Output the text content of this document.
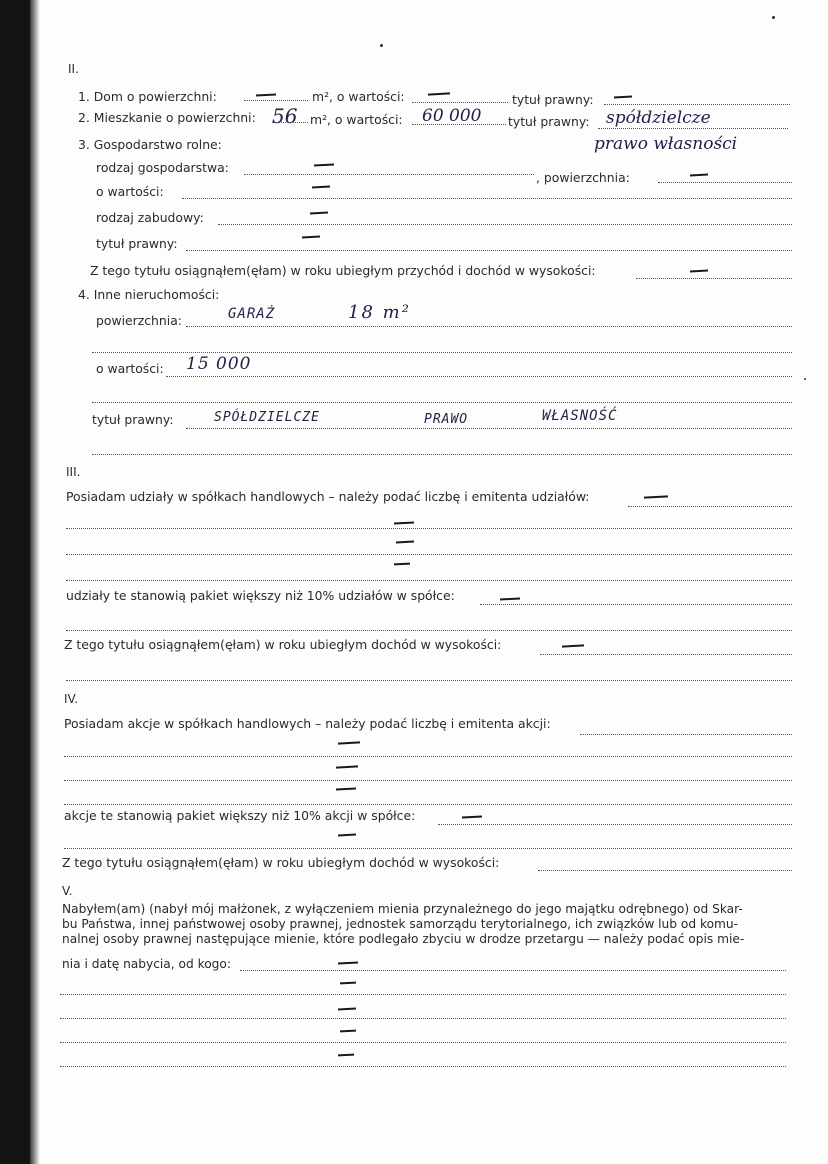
II.
1. Dom o powierzchni:	m², o wartości:	tytuł prawny:
2. Mieszkanie o powierzchni: 56 m², o wartości: 60 000 tytuł prawny: spółdzielcze
prawo własności
3. Gospodarstwo rolne:
rodzaj gospodarstwa:
, powierzchnia:
o wartości:
rodzaj zabudowy:
tytuł prawny:
Z tego tytułu osiągnąłem(ęłam) w roku ubiegłym przychód i dochód w wysokości:
4. Inne nieruchomości:
powierzchnia:	GARAŻ	18 m²
o wartości: 15 000
tytuł prawny:	SPÓŁDZIELCZE	PRAWO	WŁASNOŚĆ
III.
Posiadam udziały w spółkach handlowych – należy podać liczbę i emitenta udziałów:
udziały te stanowią pakiet większy niż 10% udziałów w spółce:
Z tego tytułu osiągnąłem(ęłam) w roku ubiegłym dochód w wysokości:
IV.
Posiadam akcje w spółkach handlowych – należy podać liczbę i emitenta akcji:
akcje te stanowią pakiet większy niż 10% akcji w spółce:
Z tego tytułu osiągnąłem(ęłam) w roku ubiegłym dochód w wysokości:
V.
Nabyłem(am) (nabył mój małżonek, z wyłączeniem mienia przynależnego do jego majątku odrębnego) od Skar-
bu Państwa, innej państwowej osoby prawnej, jednostek samorządu terytorialnego, ich związków lub od komu-
nalnej osoby prawnej następujące mienie, które podlegało zbyciu w drodze przetargu — należy podać opis mie-
nia i datę nabycia, od kogo:
